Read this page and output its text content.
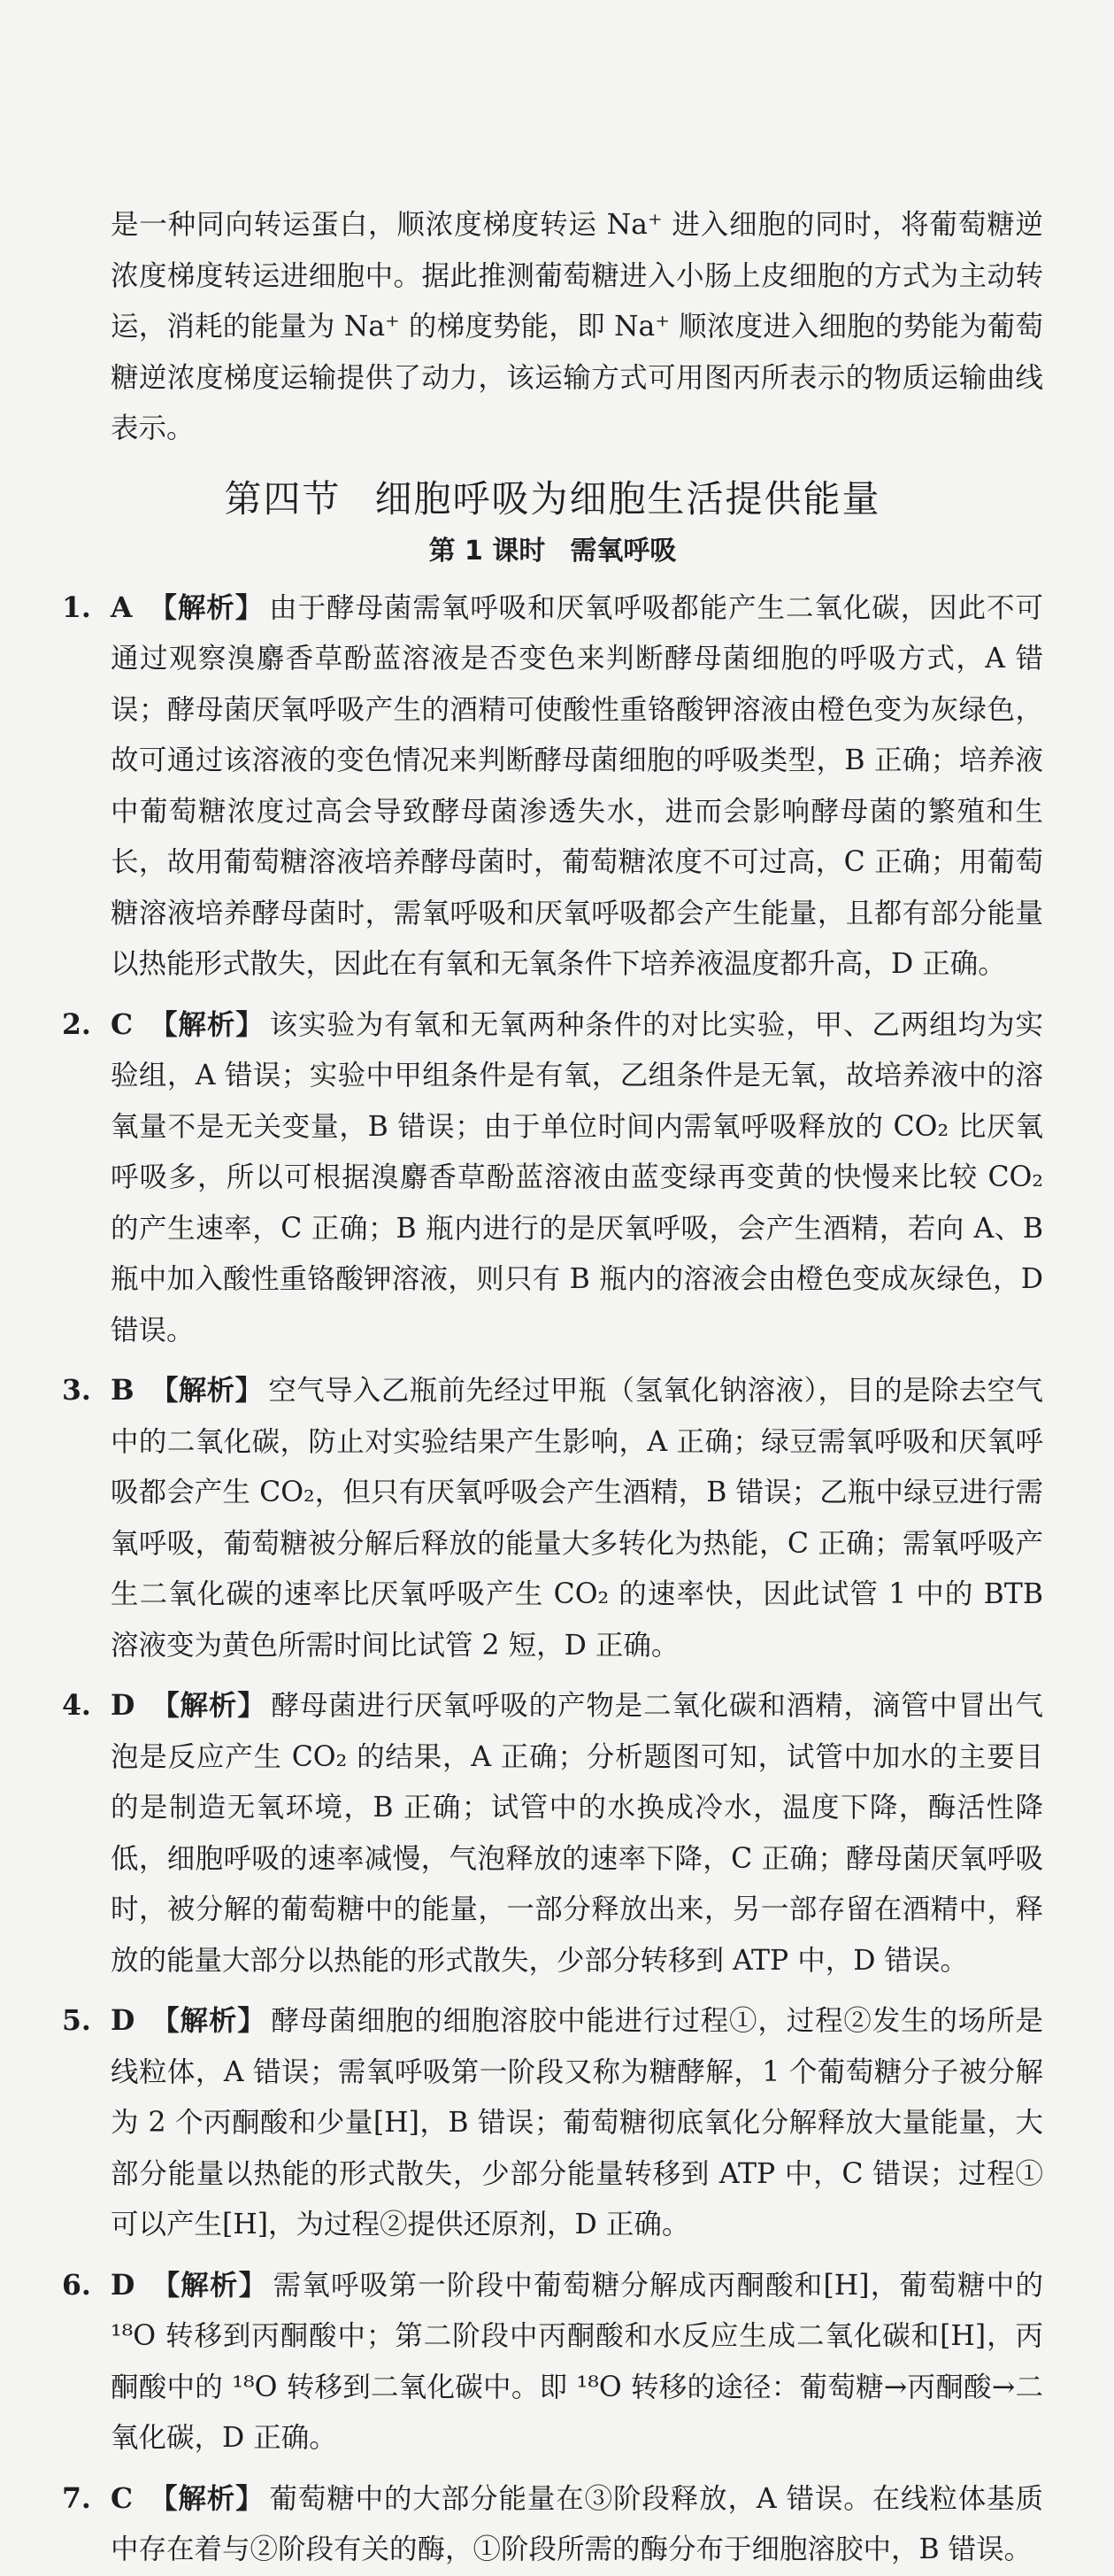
是一种同向转运蛋白，顺浓度梯度转运 Na⁺ 进入细胞的同时，将葡萄糖逆浓度梯度转运进细胞中。据此推测葡萄糖进入小肠上皮细胞的方式为主动转运，消耗的能量为 Na⁺ 的梯度势能，即 Na⁺ 顺浓度进入细胞的势能为葡萄糖逆浓度梯度运输提供了动力，该运输方式可用图丙所表示的物质运输曲线表示。

第四节 细胞呼吸为细胞生活提供能量
第 1 课时 需氧呼吸
1. A 【解析】 由于酵母菌需氧呼吸和厌氧呼吸都能产生二氧化碳，因此不可通过观察溴麝香草酚蓝溶液是否变色来判断酵母菌细胞的呼吸方式，A 错误；酵母菌厌氧呼吸产生的酒精可使酸性重铬酸钾溶液由橙色变为灰绿色，故可通过该溶液的变色情况来判断酵母菌细胞的呼吸类型，B 正确；培养液中葡萄糖浓度过高会导致酵母菌渗透失水，进而会影响酵母菌的繁殖和生长，故用葡萄糖溶液培养酵母菌时，葡萄糖浓度不可过高，C 正确；用葡萄糖溶液培养酵母菌时，需氧呼吸和厌氧呼吸都会产生能量，且都有部分能量以热能形式散失，因此在有氧和无氧条件下培养液温度都升高，D 正确。

2. C 【解析】 该实验为有氧和无氧两种条件的对比实验，甲、乙两组均为实验组，A 错误；实验中甲组条件是有氧，乙组条件是无氧，故培养液中的溶氧量不是无关变量，B 错误；由于单位时间内需氧呼吸释放的 CO₂ 比厌氧呼吸多，所以可根据溴麝香草酚蓝溶液由蓝变绿再变黄的快慢来比较 CO₂ 的产生速率，C 正确；B 瓶内进行的是厌氧呼吸，会产生酒精，若向 A、B 瓶中加入酸性重铬酸钾溶液，则只有 B 瓶内的溶液会由橙色变成灰绿色，D 错误。

3. B 【解析】 空气导入乙瓶前先经过甲瓶（氢氧化钠溶液），目的是除去空气中的二氧化碳，防止对实验结果产生影响，A 正确；绿豆需氧呼吸和厌氧呼吸都会产生 CO₂，但只有厌氧呼吸会产生酒精，B 错误；乙瓶中绿豆进行需氧呼吸，葡萄糖被分解后释放的能量大多转化为热能，C 正确；需氧呼吸产生二氧化碳的速率比厌氧呼吸产生 CO₂ 的速率快，因此试管 1 中的 BTB 溶液变为黄色所需时间比试管 2 短，D 正确。

4. D 【解析】 酵母菌进行厌氧呼吸的产物是二氧化碳和酒精，滴管中冒出气泡是反应产生 CO₂ 的结果，A 正确；分析题图可知，试管中加水的主要目的是制造无氧环境，B 正确；试管中的水换成冷水，温度下降，酶活性降低，细胞呼吸的速率减慢，气泡释放的速率下降，C 正确；酵母菌厌氧呼吸时，被分解的葡萄糖中的能量，一部分释放出来，另一部存留在酒精中，释放的能量大部分以热能的形式散失，少部分转移到 ATP 中，D 错误。

5. D 【解析】 酵母菌细胞的细胞溶胶中能进行过程①，过程②发生的场所是线粒体，A 错误；需氧呼吸第一阶段又称为糖酵解，1 个葡萄糖分子被分解为 2 个丙酮酸和少量[H]，B 错误；葡萄糖彻底氧化分解释放大量能量，大部分能量以热能的形式散失，少部分能量转移到 ATP 中，C 错误；过程①可以产生[H]，为过程②提供还原剂，D 正确。

6. D 【解析】 需氧呼吸第一阶段中葡萄糖分解成丙酮酸和[H]，葡萄糖中的 ¹⁸O 转移到丙酮酸中；第二阶段中丙酮酸和水反应生成二氧化碳和[H]，丙酮酸中的 ¹⁸O 转移到二氧化碳中。即 ¹⁸O 转移的途径：葡萄糖→丙酮酸→二氧化碳，D 正确。

7. C 【解析】 葡萄糖中的大部分能量在③阶段释放，A 错误。在线粒体基质中存在着与②阶段有关的酶，①阶段所需的酶分布于细胞溶胶中，B 错误。
